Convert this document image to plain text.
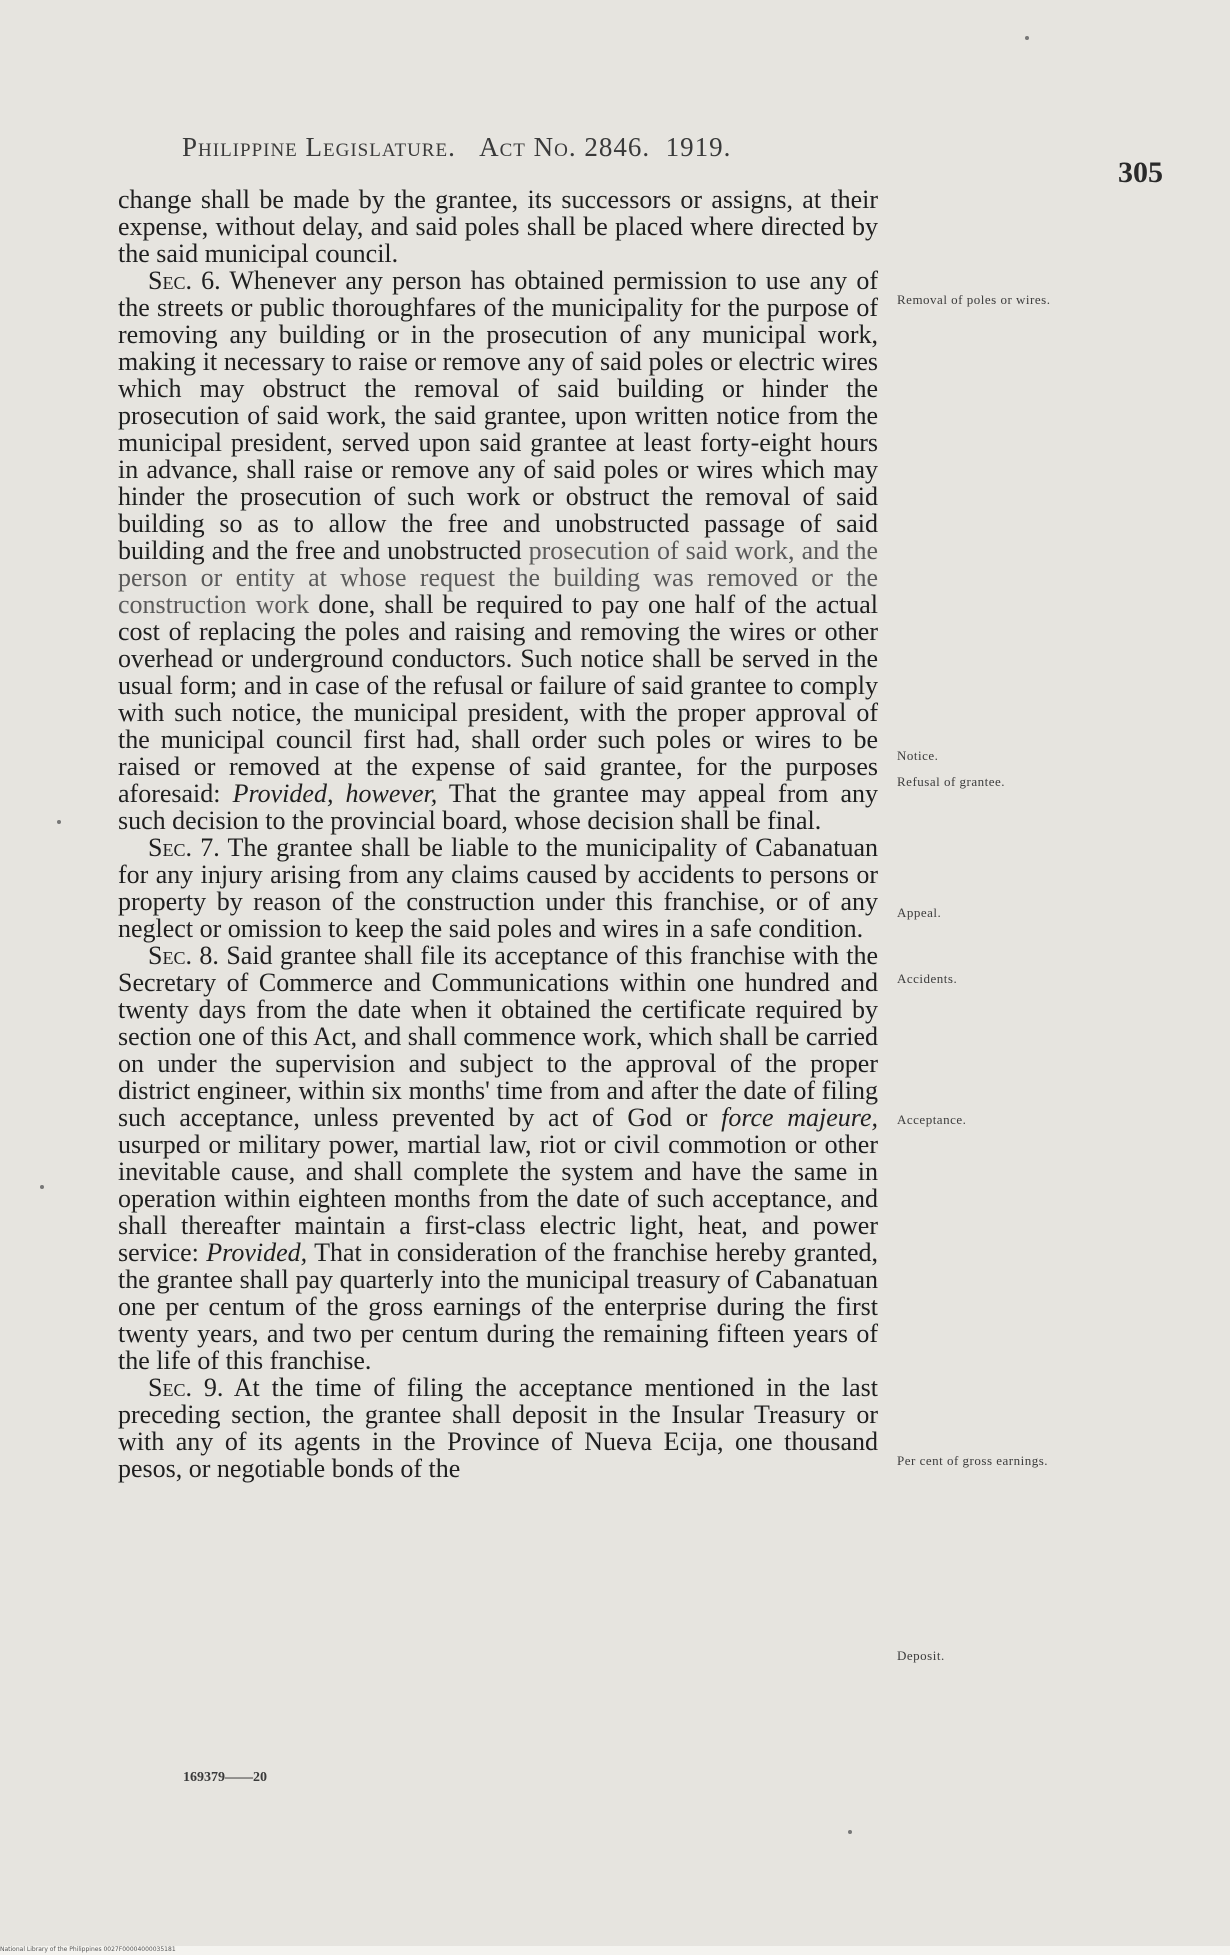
Philippine Legislature. Act No. 2846. 1919.
305

change shall be made by the grantee, its successors or assigns, at their expense, without delay, and said poles shall be placed where directed by the said municipal council.

Sec. 6. Whenever any person has obtained permission to use any of the streets or public thoroughfares of the municipality for the purpose of removing any building or in the prosecution of any municipal work, making it necessary to raise or remove any of said poles or electric wires which may obstruct the removal of said building or hinder the prosecution of said work, the said grantee, upon written notice from the municipal president, served upon said grantee at least forty-eight hours in advance, shall raise or remove any of said poles or wires which may hinder the prosecution of such work or obstruct the removal of said building so as to allow the free and unobstructed passage of said building and the free and unobstructed prosecution of said work, and the person or entity at whose request the building was removed or the construction work done, shall be required to pay one half of the actual cost of replacing the poles and raising and removing the wires or other overhead or underground conductors. Such notice shall be served in the usual form; and in case of the refusal or failure of said grantee to comply with such notice, the municipal president, with the proper approval of the municipal council first had, shall order such poles or wires to be raised or removed at the expense of said grantee, for the purposes aforesaid: Provided, however, That the grantee may appeal from any such decision to the provincial board, whose decision shall be final.

Sec. 7. The grantee shall be liable to the municipality of Cabanatuan for any injury arising from any claims caused by accidents to persons or property by reason of the construction under this franchise, or of any neglect or omission to keep the said poles and wires in a safe condition.

Sec. 8. Said grantee shall file its acceptance of this franchise with the Secretary of Commerce and Communications within one hundred and twenty days from the date when it obtained the certificate required by section one of this Act, and shall commence work, which shall be carried on under the supervision and subject to the approval of the proper district engineer, within six months' time from and after the date of filing such acceptance, unless prevented by act of God or force majeure, usurped or military power, martial law, riot or civil commotion or other inevitable cause, and shall complete the system and have the same in operation within eighteen months from the date of such acceptance, and shall thereafter maintain a first-class electric light, heat, and power service: Provided, That in consideration of the franchise hereby granted, the grantee shall pay quarterly into the municipal treasury of Cabanatuan one per centum of the gross earnings of the enterprise during the first twenty years, and two per centum during the remaining fifteen years of the life of this franchise.

Sec. 9. At the time of filing the acceptance mentioned in the last preceding section, the grantee shall deposit in the Insular Treasury or with any of its agents in the Province of Nueva Ecija, one thousand pesos, or negotiable bonds of the

Removal of poles or wires.
Notice.
Refusal of grantee.
Appeal.
Accidents.
Acceptance.
Per cent of gross earnings.
Deposit.
169379——20
National Library of the Philippines 0027F00004000035181
